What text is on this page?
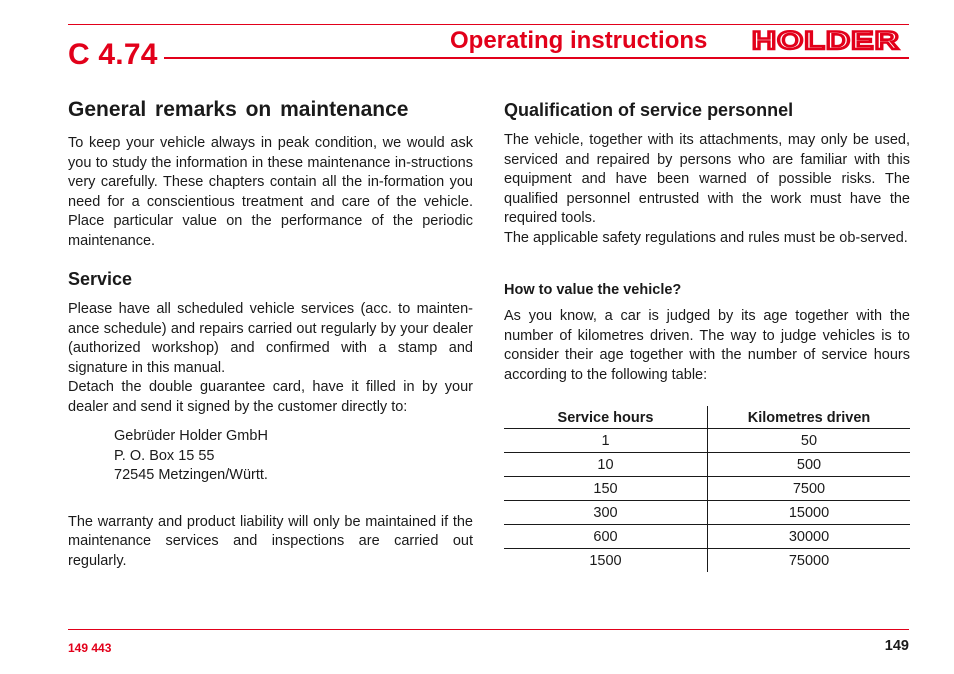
C 4.74	Operating instructions HOLDER
General remarks on maintenance

To keep your vehicle always in peak condition, we would ask you to study the information in these maintenance in-structions very carefully. These chapters contain all the in-formation you need for a conscientious treatment and care of the vehicle. Place particular value on the performance of the periodic maintenance.

Service

Please have all scheduled vehicle services (acc. to mainten-ance schedule) and repairs carried out regularly by your dealer (authorized workshop) and confirmed with a stamp and signature in this manual.

Detach the double guarantee card, have it filled in by your dealer and send it signed by the customer directly to:

Gebrüder Holder GmbH
P. O. Box 15 55
72545 Metzingen/Württ.

The warranty and product liability will only be maintained if the maintenance services and inspections are carried out regularly.

Qualification of service personnel

The vehicle, together with its attachments, may only be used, serviced and repaired by persons who are familiar with this equipment and have been warned of possible risks. The qualified personnel entrusted with the work must have the required tools.

The applicable safety regulations and rules must be ob-served.

How to value the vehicle?

As you know, a car is judged by its age together with the number of kilometres driven. The way to judge vehicles is to consider their age together with the number of service hours according to the following table:

Service hours	Kilometres driven
1	50
10	500
150	7500
300	15000
600	30000
1500	75000
149 443	149
